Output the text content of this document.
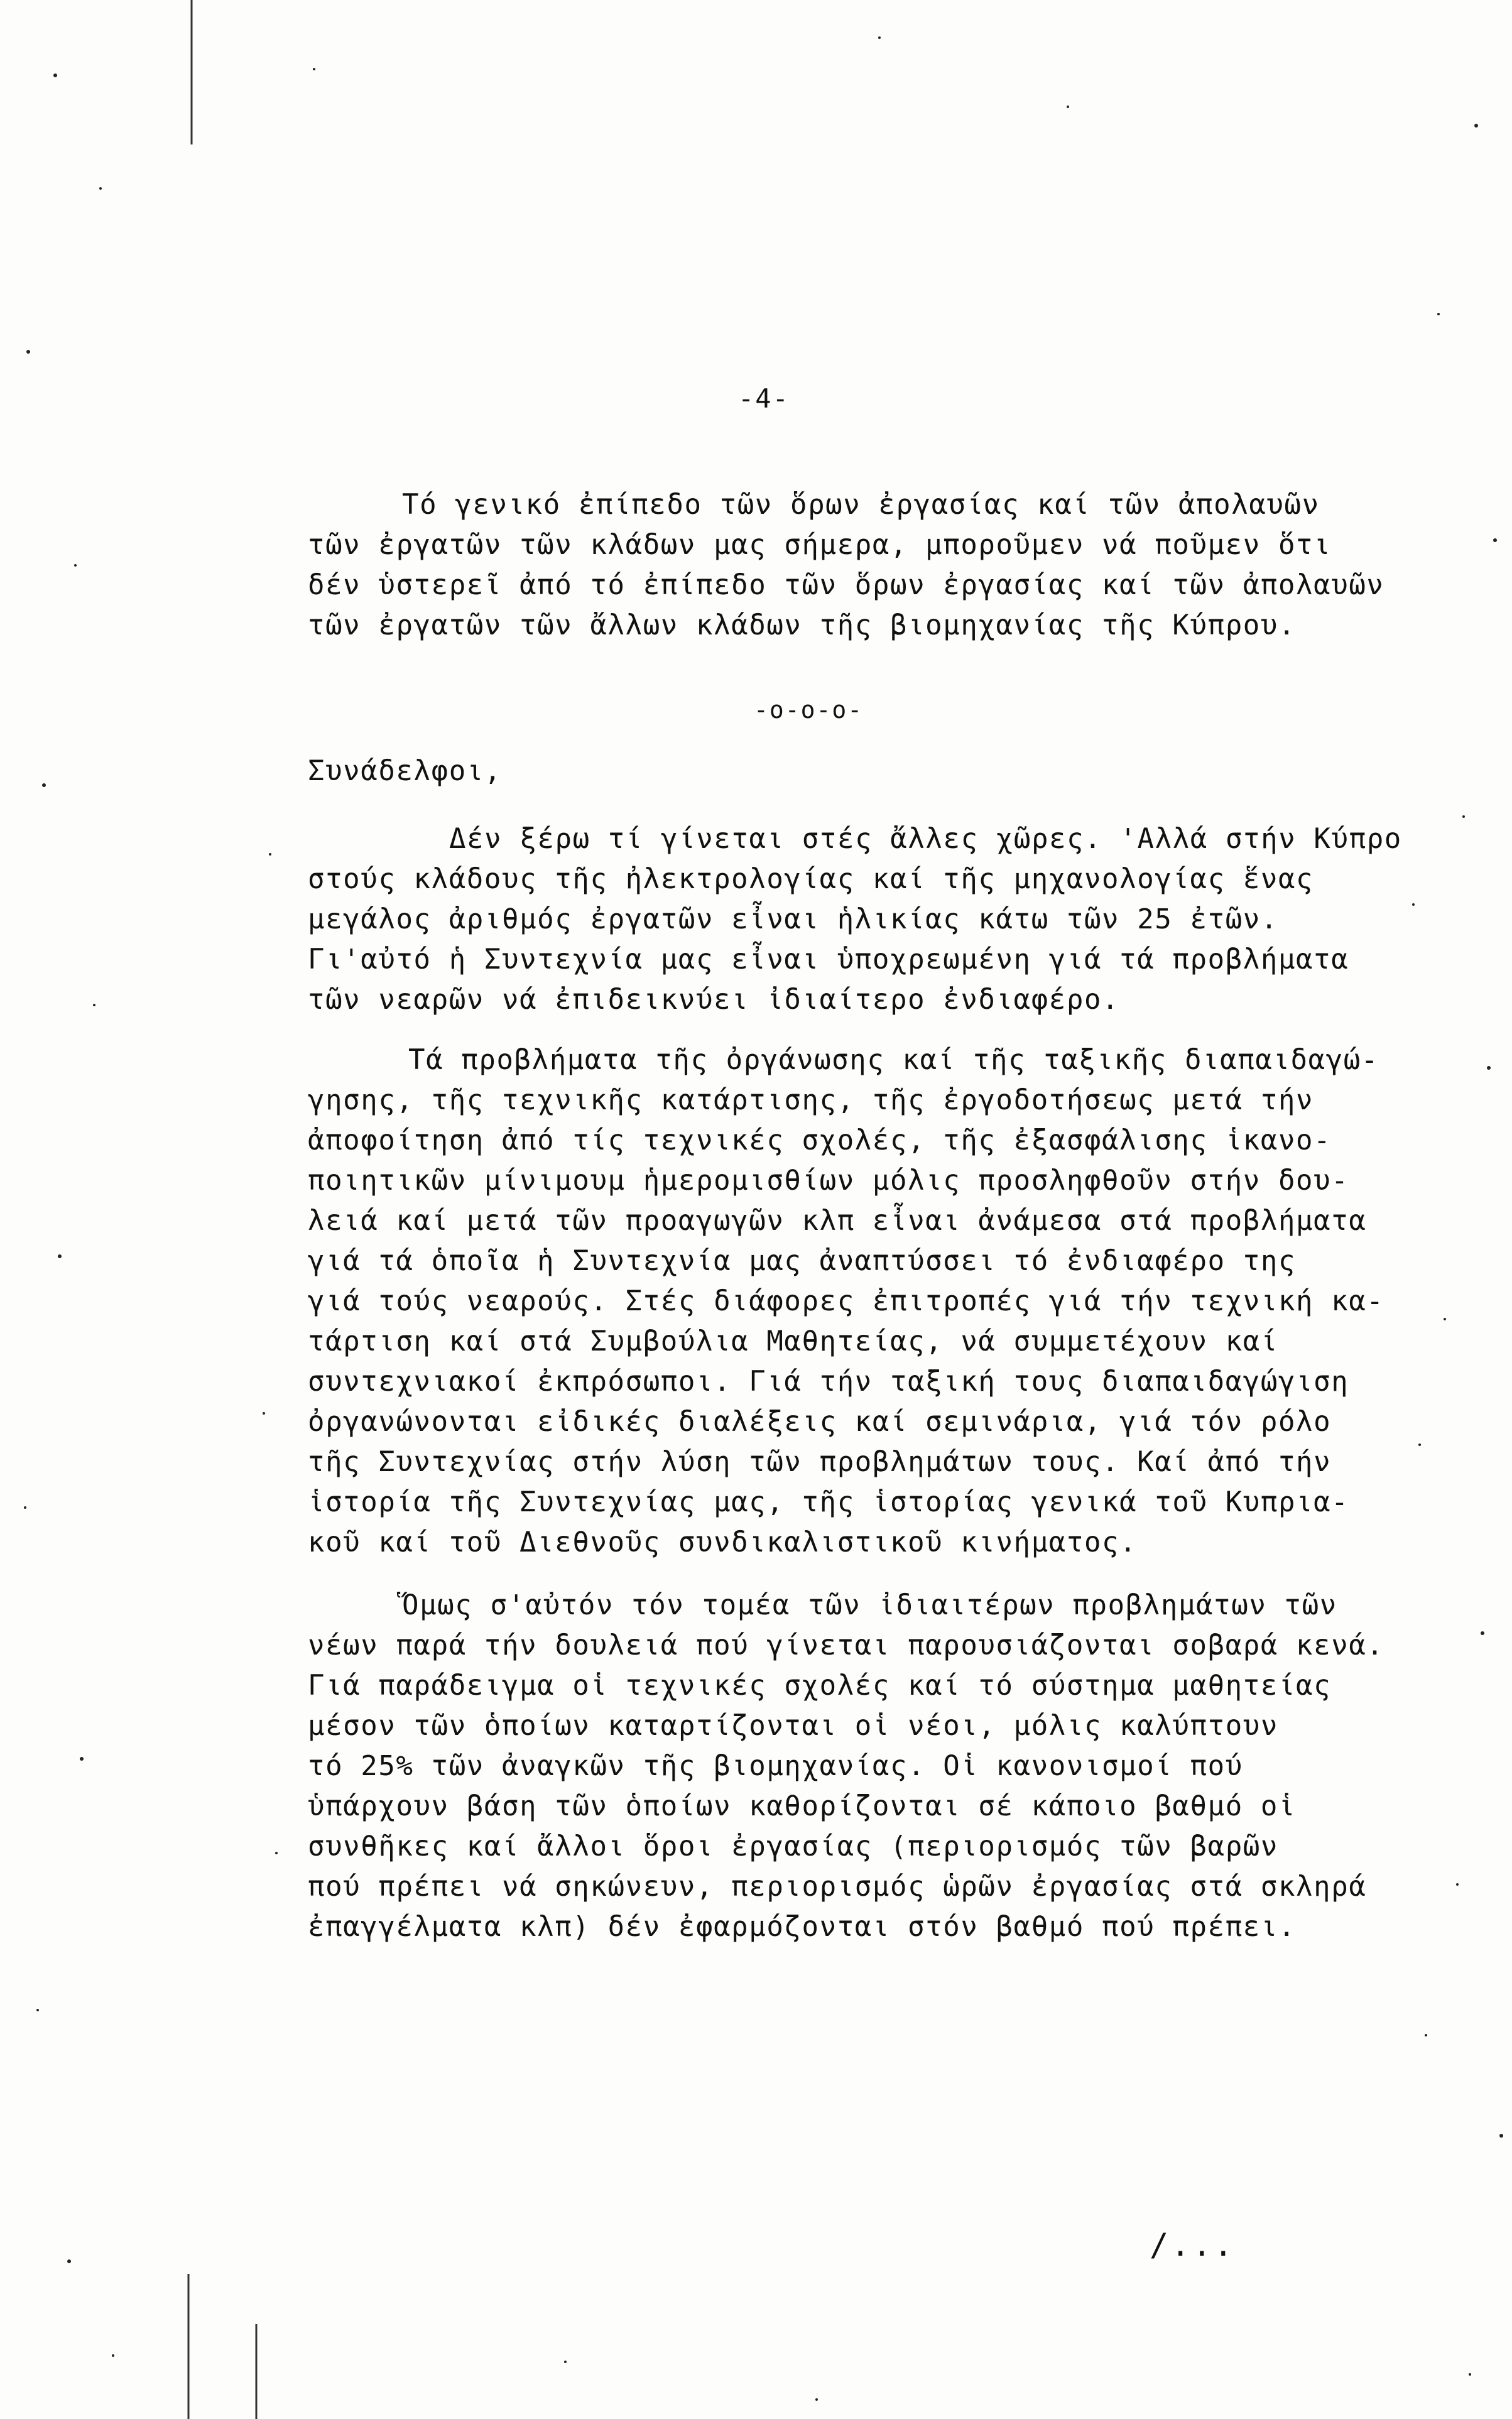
-4-
Τό γενικό ἐπίπεδο τῶν ὅρων ἐργασίας καί τῶν ἀπολαυῶν
τῶν ἐργατῶν τῶν κλάδων μας σήμερα, μποροῦμεν νά ποῦμεν ὅτι
δέν ὑστερεῖ ἀπό τό ἐπίπεδο τῶν ὅρων ἐργασίας καί τῶν ἀπολαυῶν
τῶν ἐργατῶν τῶν ἄλλων κλάδων τῆς βιομηχανίας τῆς Κύπρου.
-o-o-o-
Συνάδελφοι,
Δέν ξέρω τί γίνεται στές ἄλλες χῶρες. 'Αλλά στήν Κύπρο
στούς κλάδους τῆς ἠλεκτρολογίας καί τῆς μηχανολογίας ἕνας
μεγάλος ἀριθμός ἐργατῶν εἶναι ἡλικίας κάτω τῶν 25 ἐτῶν.
Γι'αὐτό ἡ Συντεχνία μας εἶναι ὑποχρεωμένη γιά τά προβλήματα
τῶν νεαρῶν νά ἐπιδεικνύει ἰδιαίτερο ἐνδιαφέρο.
Τά προβλήματα τῆς ὀργάνωσης καί τῆς ταξικῆς διαπαιδαγώ-
γησης, τῆς τεχνικῆς κατάρτισης, τῆς ἐργοδοτήσεως μετά τήν
ἀποφοίτηση ἀπό τίς τεχνικές σχολές, τῆς ἐξασφάλισης ἱκανο-
ποιητικῶν μίνιμουμ ἡμερομισθίων μόλις προσληφθοῦν στήν δου-
λειά καί μετά τῶν προαγωγῶν κλπ εἶναι ἀνάμεσα στά προβλήματα
γιά τά ὁποῖα ἡ Συντεχνία μας ἀναπτύσσει τό ἐνδιαφέρο της
γιά τούς νεαρούς. Στές διάφορες ἐπιτροπές γιά τήν τεχνική κα-
τάρτιση καί στά Συμβούλια Μαθητείας, νά συμμετέχουν καί
συντεχνιακοί ἐκπρόσωποι. Γιά τήν ταξική τους διαπαιδαγώγιση
ὀργανώνονται εἰδικές διαλέξεις καί σεμινάρια, γιά τόν ρόλο
τῆς Συντεχνίας στήν λύση τῶν προβλημάτων τους. Καί ἀπό τήν
ἱστορία τῆς Συντεχνίας μας, τῆς ἱστορίας γενικά τοῦ Κυπρια-
κοῦ καί τοῦ Διεθνοῦς συνδικαλιστικοῦ κινήματος.
Ὅμως σ'αὐτόν τόν τομέα τῶν ἰδιαιτέρων προβλημάτων τῶν
νέων παρά τήν δουλειά πού γίνεται παρουσιάζονται σοβαρά κενά.
Γιά παράδειγμα οἱ τεχνικές σχολές καί τό σύστημα μαθητείας
μέσον τῶν ὁποίων καταρτίζονται οἱ νέοι, μόλις καλύπτουν
τό 25% τῶν ἀναγκῶν τῆς βιομηχανίας. Οἱ κανονισμοί πού
ὑπάρχουν βάση τῶν ὁποίων καθορίζονται σέ κάποιο βαθμό οἱ
συνθῆκες καί ἄλλοι ὅροι ἐργασίας (περιορισμός τῶν βαρῶν
πού πρέπει νά σηκώνευν, περιορισμός ὡρῶν ἐργασίας στά σκληρά
ἐπαγγέλματα κλπ) δέν ἐφαρμόζονται στόν βαθμό πού πρέπει.
/...
